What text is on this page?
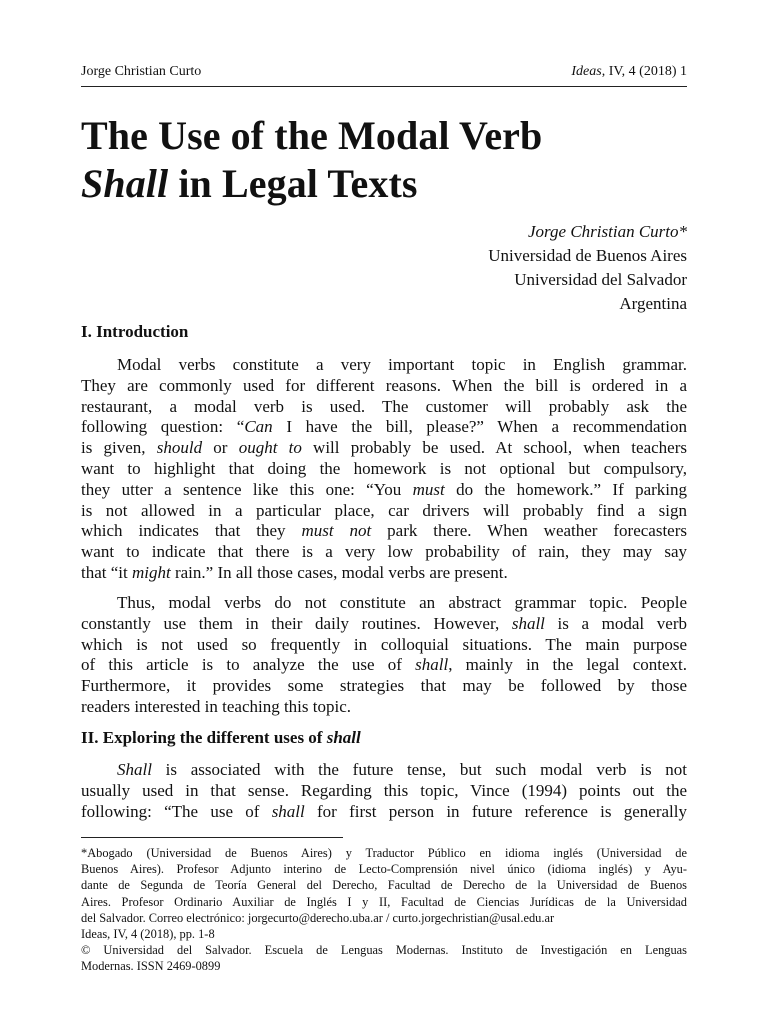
Jorge Christian Curto	Ideas, IV, 4 (2018) 1
The Use of the Modal Verb
Shall in Legal Texts
Jorge Christian Curto*
Universidad de Buenos Aires
Universidad del Salvador
Argentina
I. Introduction

Modal verbs constitute a very important topic in English grammar.
They are commonly used for different reasons. When the bill is ordered in a
restaurant, a modal verb is used. The customer will probably ask the
following question: “Can I have the bill, please?” When a recommendation
is given, should or ought to will probably be used. At school, when teachers
want to highlight that doing the homework is not optional but compulsory,
they utter a sentence like this one: “You must do the homework.” If parking
is not allowed in a particular place, car drivers will probably find a sign
which indicates that they must not park there. When weather forecasters
want to indicate that there is a very low probability of rain, they may say
that “it might rain.” In all those cases, modal verbs are present.

Thus, modal verbs do not constitute an abstract grammar topic. People
constantly use them in their daily routines. However, shall is a modal verb
which is not used so frequently in colloquial situations. The main purpose
of this article is to analyze the use of shall, mainly in the legal context.
Furthermore, it provides some strategies that may be followed by those
readers interested in teaching this topic.

II. Exploring the different uses of shall

Shall is associated with the future tense, but such modal verb is not
usually used in that sense. Regarding this topic, Vince (1994) points out the
following: “The use of shall for first person in future reference is generally

*Abogado (Universidad de Buenos Aires) y Traductor Público en idioma inglés (Universidad de
Buenos Aires). Profesor Adjunto interino de Lecto-Comprensión nivel único (idioma inglés) y Ayu-
dante de Segunda de Teoría General del Derecho, Facultad de Derecho de la Universidad de Buenos
Aires. Profesor Ordinario Auxiliar de Inglés I y II, Facultad de Ciencias Jurídicas de la Universidad
del Salvador. Correo electrónico: jorgecurto@derecho.uba.ar / curto.jorgechristian@usal.edu.ar
Ideas, IV, 4 (2018), pp. 1-8
© Universidad del Salvador. Escuela de Lenguas Modernas. Instituto de Investigación en Lenguas
Modernas. ISSN 2469-0899
